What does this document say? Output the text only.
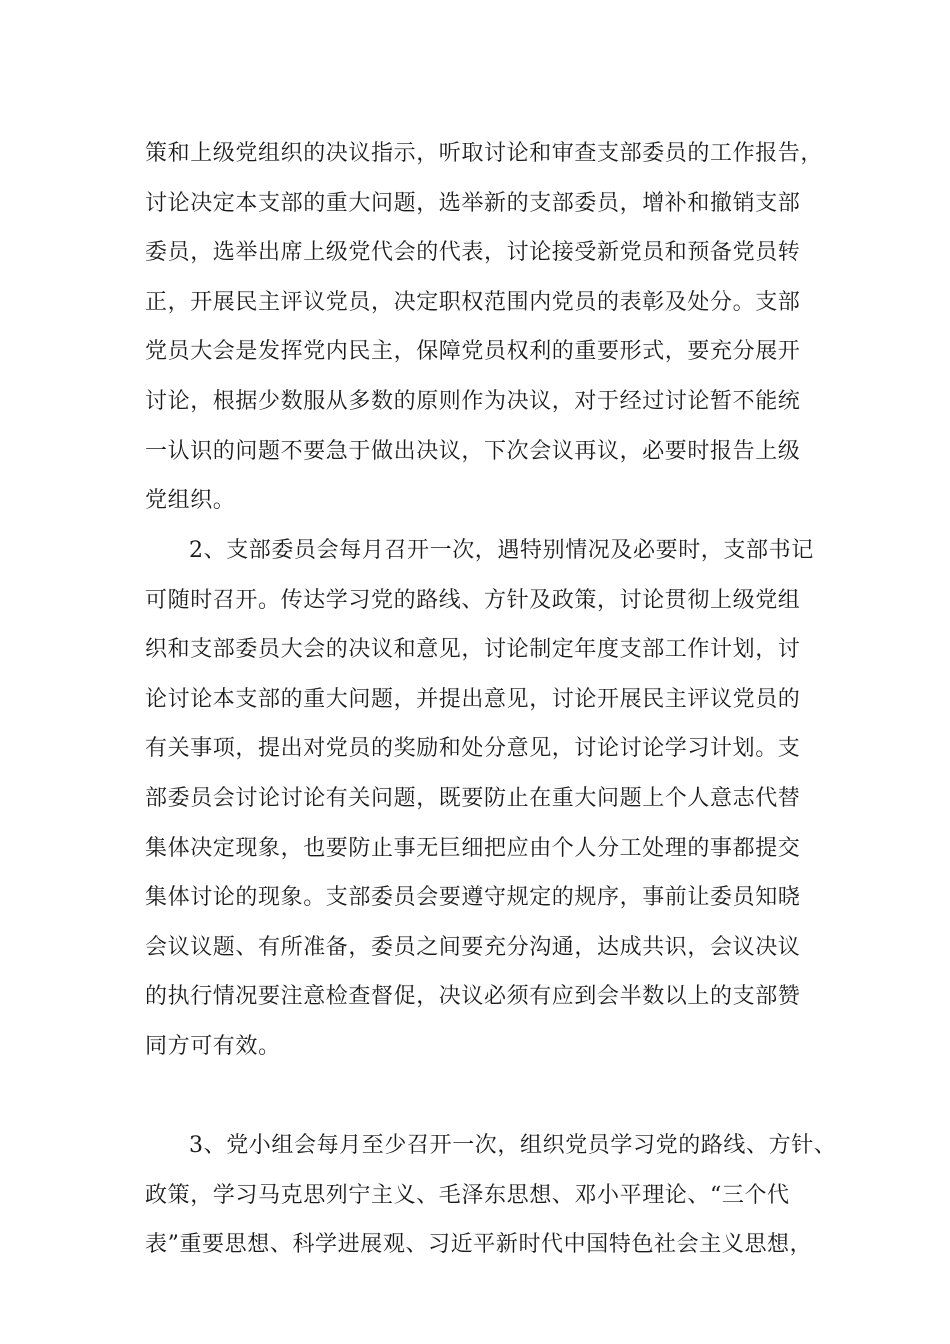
策和上级党组织的决议指示，听取讨论和审查支部委员的工作报告，
讨论决定本支部的重大问题，选举新的支部委员，增补和撤销支部
委员，选举出席上级党代会的代表，讨论接受新党员和预备党员转
正，开展民主评议党员，决定职权范围内党员的表彰及处分。支部
党员大会是发挥党内民主，保障党员权利的重要形式，要充分展开
讨论，根据少数服从多数的原则作为决议，对于经过讨论暂不能统
一认识的问题不要急于做出决议，下次会议再议，必要时报告上级
党组织。
2、支部委员会每月召开一次，遇特别情况及必要时，支部书记
可随时召开。传达学习党的路线、方针及政策，讨论贯彻上级党组
织和支部委员大会的决议和意见，讨论制定年度支部工作计划，讨
论讨论本支部的重大问题，并提出意见，讨论开展民主评议党员的
有关事项，提出对党员的奖励和处分意见，讨论讨论学习计划。支
部委员会讨论讨论有关问题，既要防止在重大问题上个人意志代替
集体决定现象，也要防止事无巨细把应由个人分工处理的事都提交
集体讨论的现象。支部委员会要遵守规定的规序，事前让委员知晓
会议议题、有所准备，委员之间要充分沟通，达成共识，会议决议
的执行情况要注意检查督促，决议必须有应到会半数以上的支部赞
同方可有效。
3、党小组会每月至少召开一次，组织党员学习党的路线、方针、
政策，学习马克思列宁主义、毛泽东思想、邓小平理论、“三个代
表”重要思想、科学进展观、习近平新时代中国特色社会主义思想，
